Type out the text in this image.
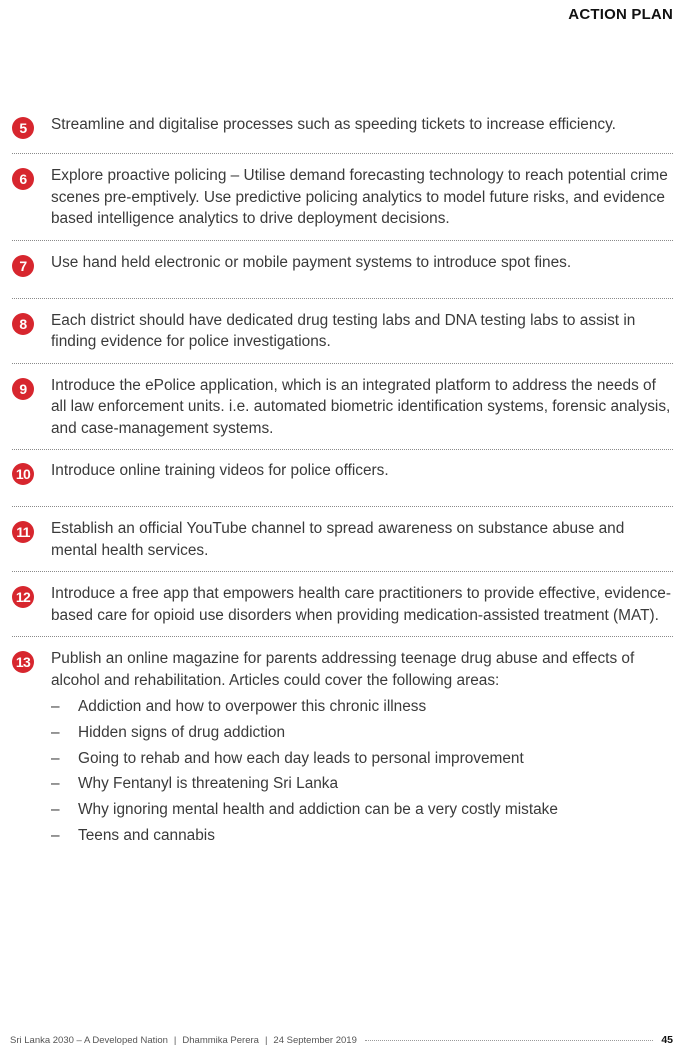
ACTION PLAN
5	Streamline and digitalise processes such as speeding tickets to increase efficiency.
6	Explore proactive policing – Utilise demand forecasting technology to reach potential crime scenes pre-emptively. Use predictive policing analytics to model future risks, and evidence based intelligence analytics to drive deployment decisions.
7	Use hand held electronic or mobile payment systems to introduce spot fines.
8	Each district should have dedicated drug testing labs and DNA testing labs to assist in finding evidence for police investigations.
9	Introduce the ePolice application, which is an integrated platform to address the needs of all law enforcement units. i.e. automated biometric identification systems, forensic analysis, and case-management systems.
10 Introduce online training videos for police officers.
11 Establish an official YouTube channel to spread awareness on substance abuse and mental health services.
12 Introduce a free app that empowers health care practitioners to provide effective, evidence-based care for opioid use disorders when providing medication-assisted treatment (MAT).
13 Publish an online magazine for parents addressing teenage drug abuse and effects of alcohol and rehabilitation. Articles could cover the following areas:
–	Addiction and how to overpower this chronic illness
–	Hidden signs of drug addiction
–	Going to rehab and how each day leads to personal improvement
–	Why Fentanyl is threatening Sri Lanka
–	Why ignoring mental health and addiction can be a very costly mistake
–	Teens and cannabis
Sri Lanka 2030 – A Developed Nation | Dhammika Perera | 24 September 2019	45
